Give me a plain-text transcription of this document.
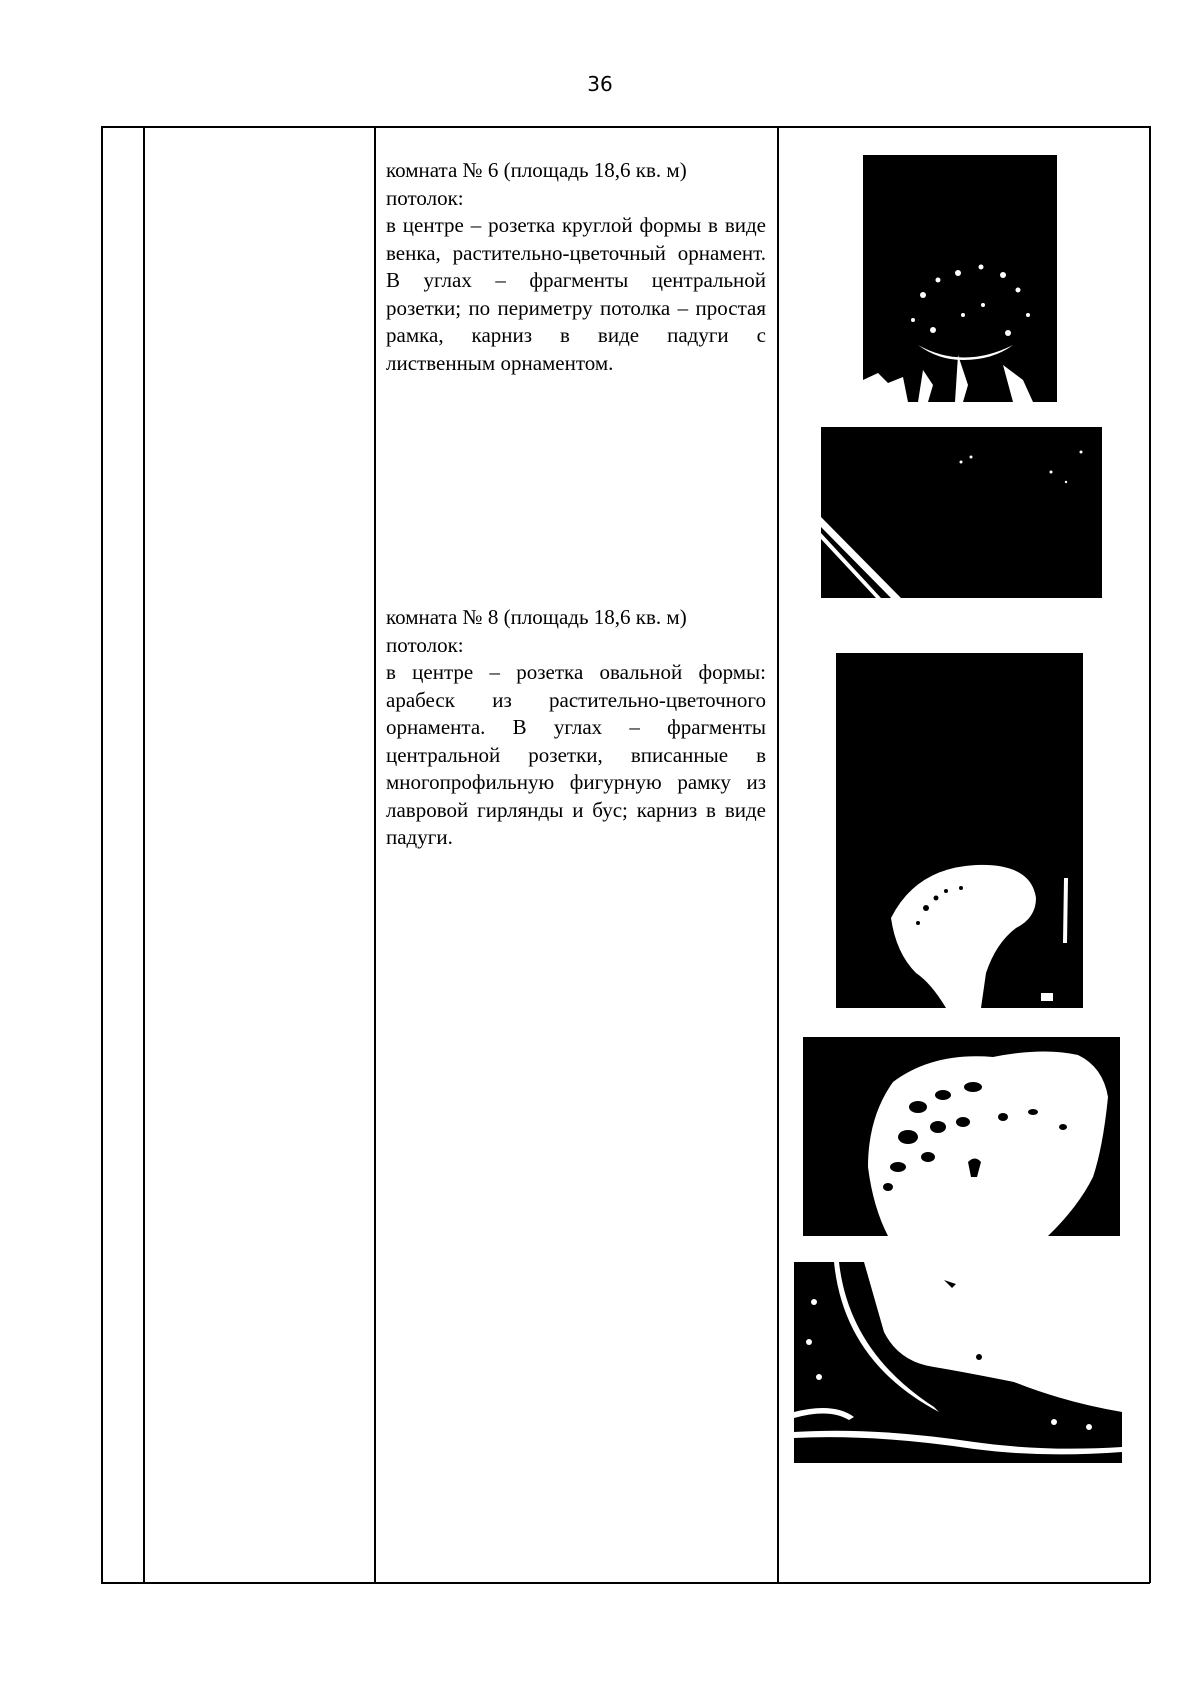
36
комната № 6 (площадь 18,6 кв. м)
потолок:
в центре – розетка круглой формы в виде венка, растительно-цветочный орнамент. В углах – фрагменты центральной розетки; по периметру потолка – простая рамка, карниз в виде падуги с лиственным орнаментом.
комната № 8 (площадь 18,6 кв. м)
потолок:
в центре – розетка овальной формы: арабеск из растительно-цветочного орнамента. В углах – фрагменты центральной розетки, вписанные в многопрофильную фигурную рамку из лавровой гирлянды и бус; карниз в виде падуги.
